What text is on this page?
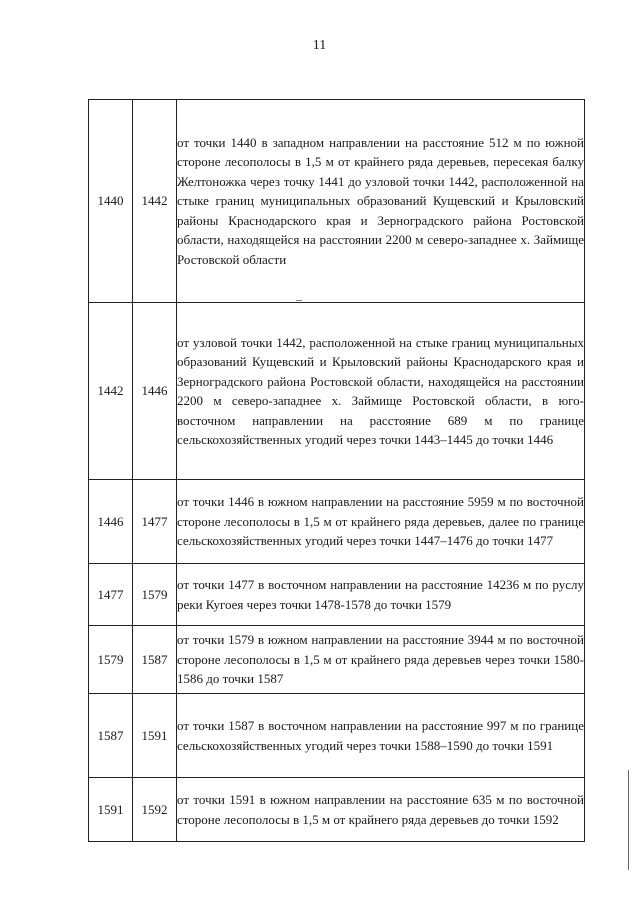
11
1440	1442	от точки 1440 в западном направлении на расстояние 512 м по южной стороне лесополосы в 1,5 м от крайнего ряда деревьев, пересекая балку Желтоножка через точку 1441 до узловой точки 1442, расположенной на стыке границ муниципальных образований Кущевский и Крыловский районы Краснодарского края и Зерноградского района Ростовской области, находящейся на расстоянии 2200 м северо-западнее х. Займище Ростовской области
1442	1446	от узловой точки 1442, расположенной на стыке границ муниципальных образований Кущевский и Крыловский районы Краснодарского края и Зерноградского района Ростовской области, находящейся на расстоянии 2200 м северо-западнее х. Займище Ростовской области, в юго-восточном направлении на расстояние 689 м по границе сельскохозяйственных угодий через точки 1443–1445 до точки 1446
1446	1477	от точки 1446 в южном направлении на расстояние 5959 м по восточной стороне лесополосы в 1,5 м от крайнего ряда деревьев, далее по границе сельскохозяйственных угодий через точки 1447–1476 до точки 1477
1477	1579	от точки 1477 в восточном направлении на расстояние 14236 м по руслу реки Кугоея через точки 1478-1578 до точки 1579
1579	1587	от точки 1579 в южном направлении на расстояние 3944 м по восточной стороне лесополосы в 1,5 м от крайнего ряда деревьев через точки 1580-1586 до точки 1587
1587	1591	от точки 1587 в восточном направлении на расстояние 997 м по границе сельскохозяйственных угодий через точки 1588–1590 до точки 1591
1591	1592	от точки 1591 в южном направлении на расстояние 635 м по восточной стороне лесополосы в 1,5 м от крайнего ряда деревьев до точки 1592
